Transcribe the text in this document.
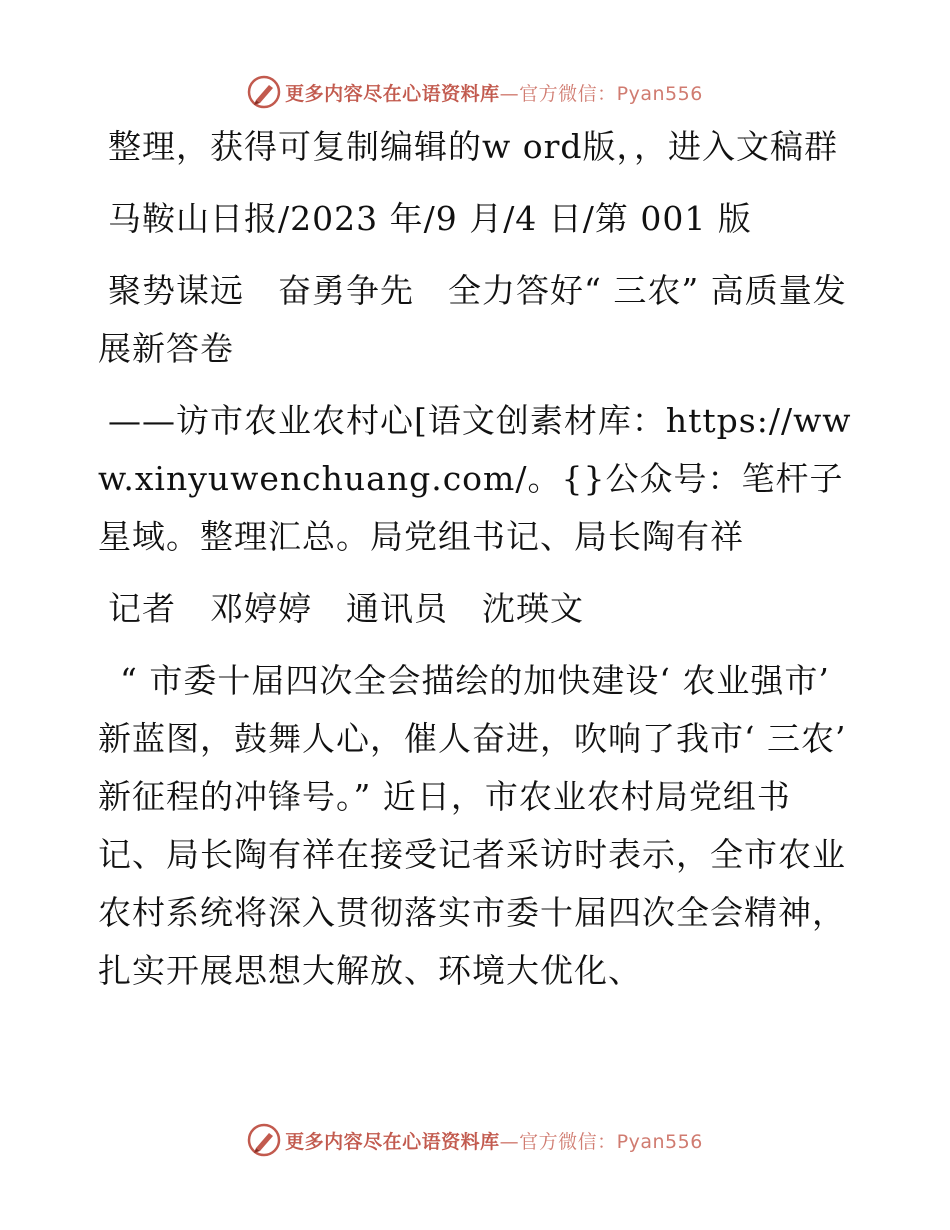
更多内容尽在心语资料库—官方微信：Pyan556

整理，获得可复制编辑的w ord版，，进入文稿群

马鞍山日报/2023 年/9 月/4 日/第 001 版

聚势谋远　奋勇争先　全力答好“ 三农” 高质量发展新答卷

——访市农业农村心[语文创素材库：https://www.xinyuwenchuang.com/。{}公众号：笔杆子星域。整理汇总。局党组书记、局长陶有祥

记者　邓婷婷　通讯员　沈瑛文

“ 市委十届四次全会描绘的加快建设‘ 农业强市’ 新蓝图，鼓舞人心，催人奋进，吹响了我市‘ 三农’ 新征程的冲锋号。” 近日，市农业农村局党组书记、局长陶有祥在接受记者采访时表示，全市农业农村系统将深入贯彻落实市委十届四次全会精神，扎实开展思想大解放、环境大优化、

更多内容尽在心语资料库—官方微信：Pyan556
